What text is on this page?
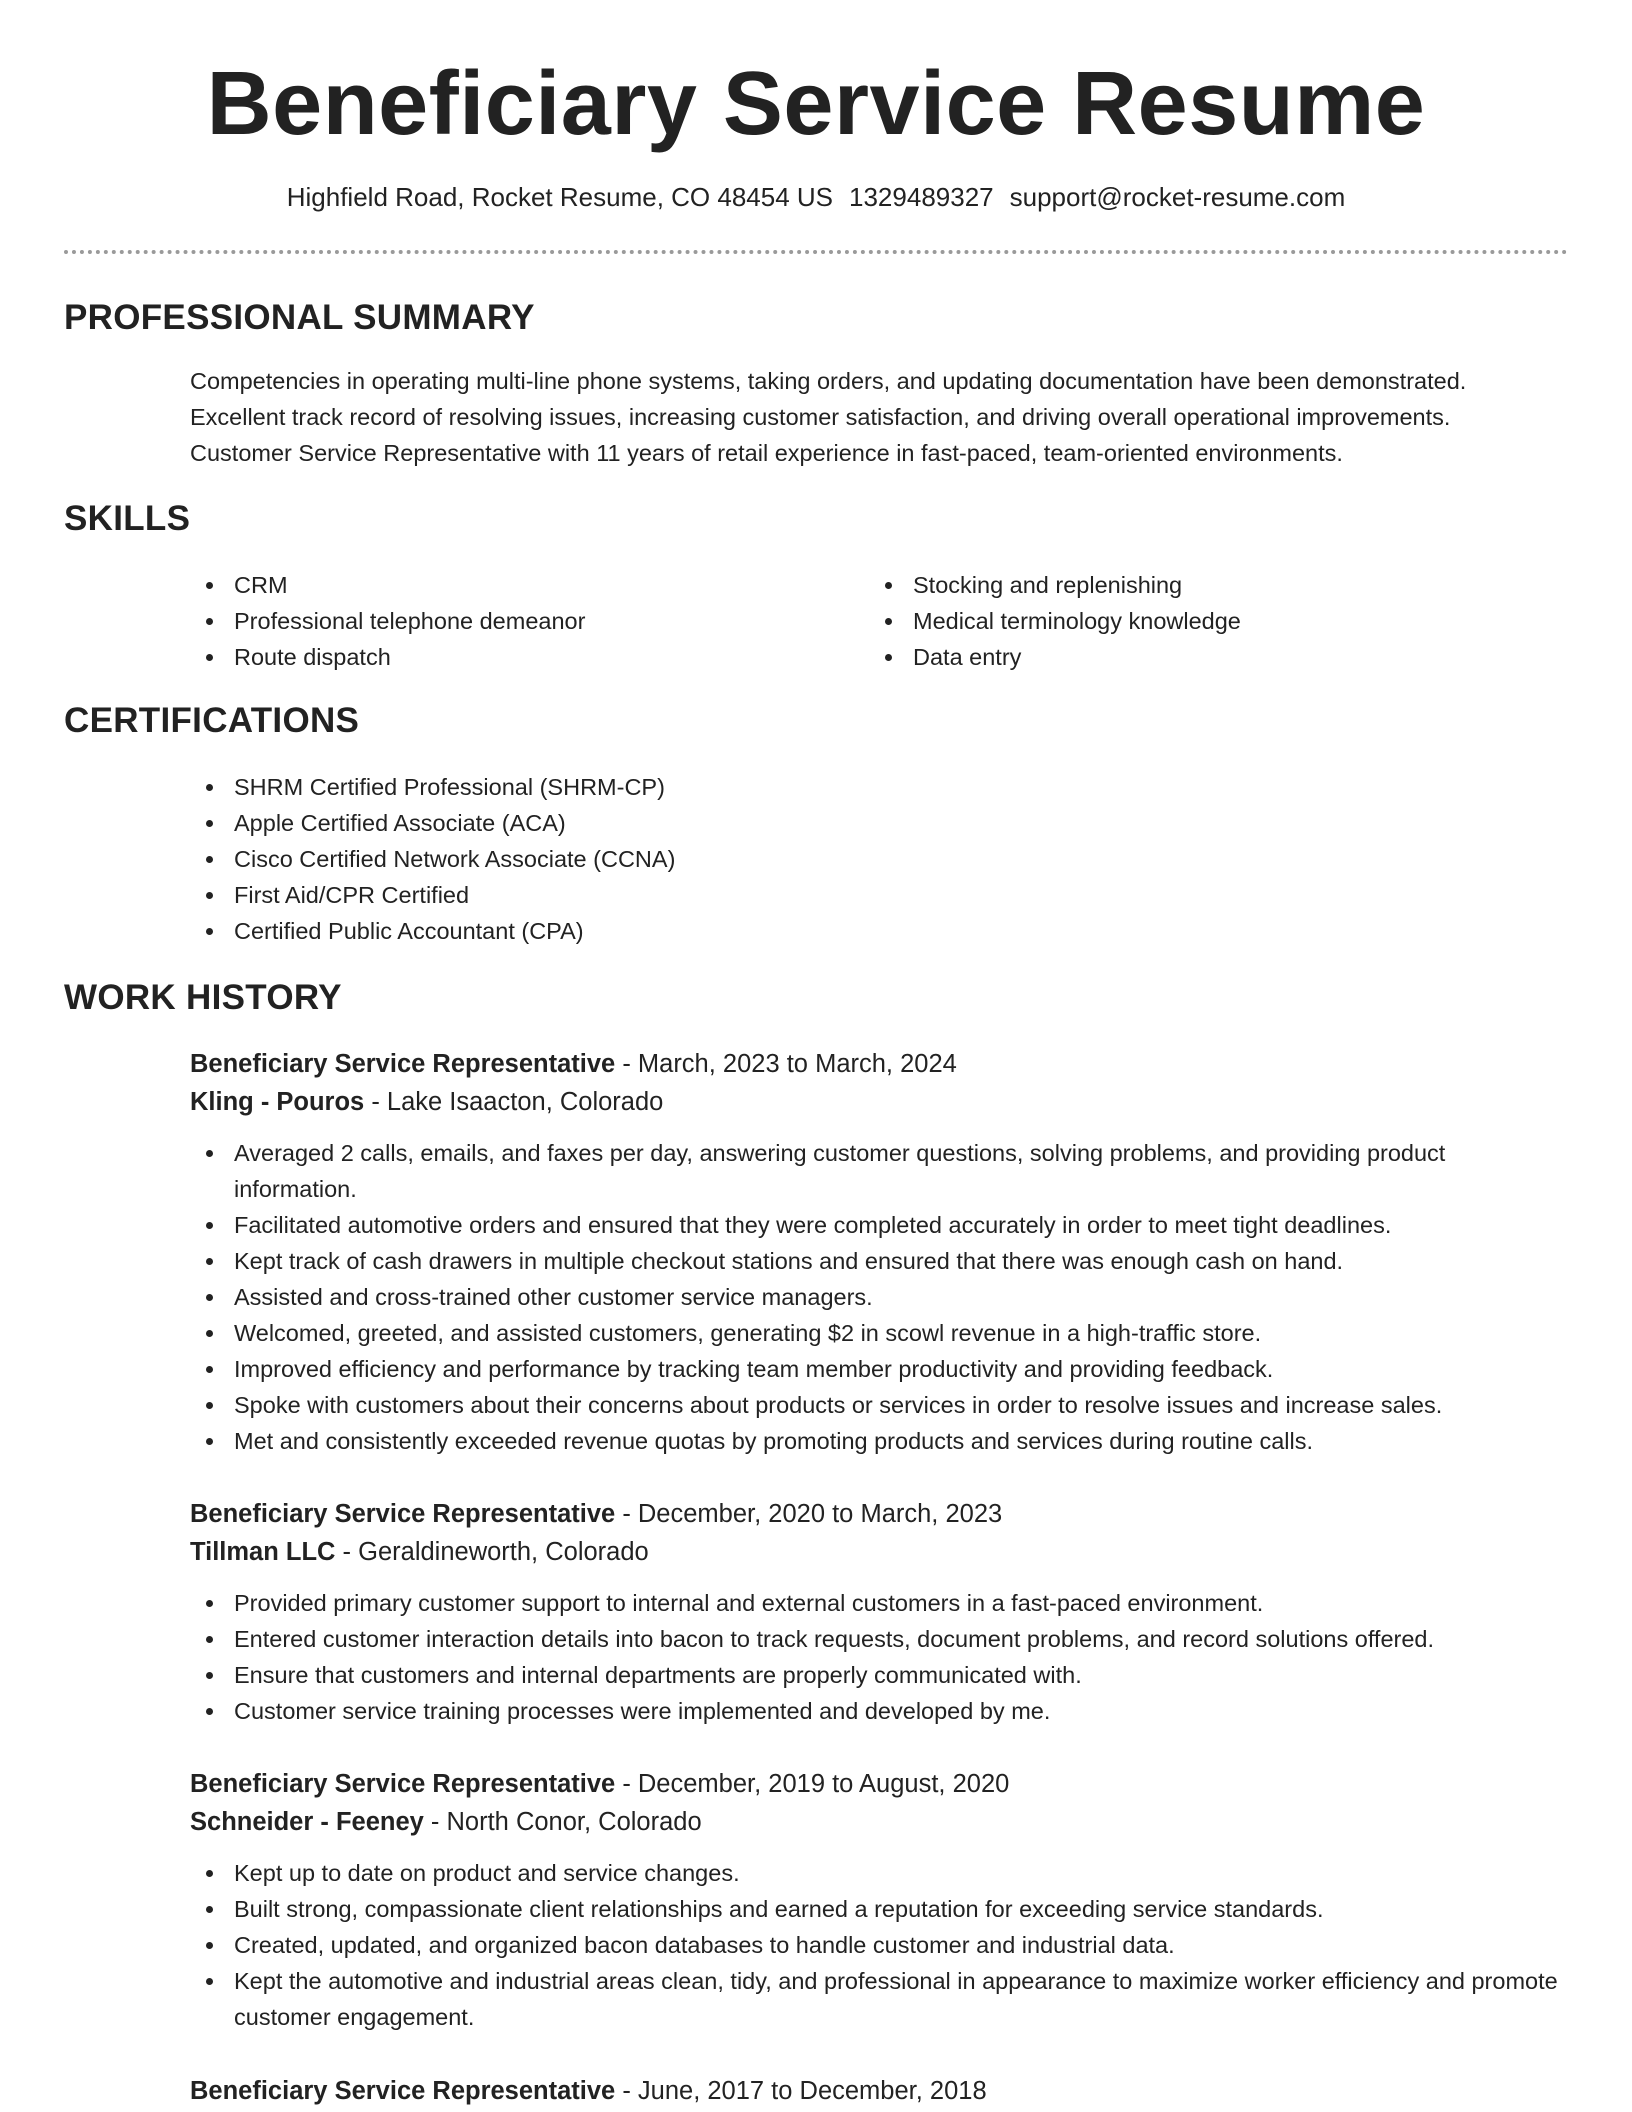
Beneficiary Service Resume
Highfield Road, Rocket Resume, CO 48454 US 1329489327 support@rocket-resume.com
PROFESSIONAL SUMMARY

Competencies in operating multi-line phone systems, taking orders, and updating documentation have been demonstrated.

Excellent track record of resolving issues, increasing customer satisfaction, and driving overall operational improvements.

Customer Service Representative with 11 years of retail experience in fast-paced, team-oriented environments.

SKILLS
CRM
Professional telephone demeanor
Route dispatch
Stocking and replenishing
Medical terminology knowledge
Data entry
CERTIFICATIONS
SHRM Certified Professional (SHRM-CP)
Apple Certified Associate (ACA)
Cisco Certified Network Associate (CCNA)
First Aid/CPR Certified
Certified Public Accountant (CPA)
WORK HISTORY
Beneficiary Service Representative - March, 2023 to March, 2024
Kling - Pouros - Lake Isaacton, Colorado
Averaged 2 calls, emails, and faxes per day, answering customer questions, solving problems, and providing product information.
Facilitated automotive orders and ensured that they were completed accurately in order to meet tight deadlines.
Kept track of cash drawers in multiple checkout stations and ensured that there was enough cash on hand.
Assisted and cross-trained other customer service managers.
Welcomed, greeted, and assisted customers, generating $2 in scowl revenue in a high-traffic store.
Improved efficiency and performance by tracking team member productivity and providing feedback.
Spoke with customers about their concerns about products or services in order to resolve issues and increase sales.
Met and consistently exceeded revenue quotas by promoting products and services during routine calls.
Beneficiary Service Representative - December, 2020 to March, 2023
Tillman LLC - Geraldineworth, Colorado
Provided primary customer support to internal and external customers in a fast-paced environment.
Entered customer interaction details into bacon to track requests, document problems, and record solutions offered.
Ensure that customers and internal departments are properly communicated with.
Customer service training processes were implemented and developed by me.
Beneficiary Service Representative - December, 2019 to August, 2020
Schneider - Feeney - North Conor, Colorado
Kept up to date on product and service changes.
Built strong, compassionate client relationships and earned a reputation for exceeding service standards.
Created, updated, and organized bacon databases to handle customer and industrial data.
Kept the automotive and industrial areas clean, tidy, and professional in appearance to maximize worker efficiency and promote customer engagement.
Beneficiary Service Representative - June, 2017 to December, 2018
